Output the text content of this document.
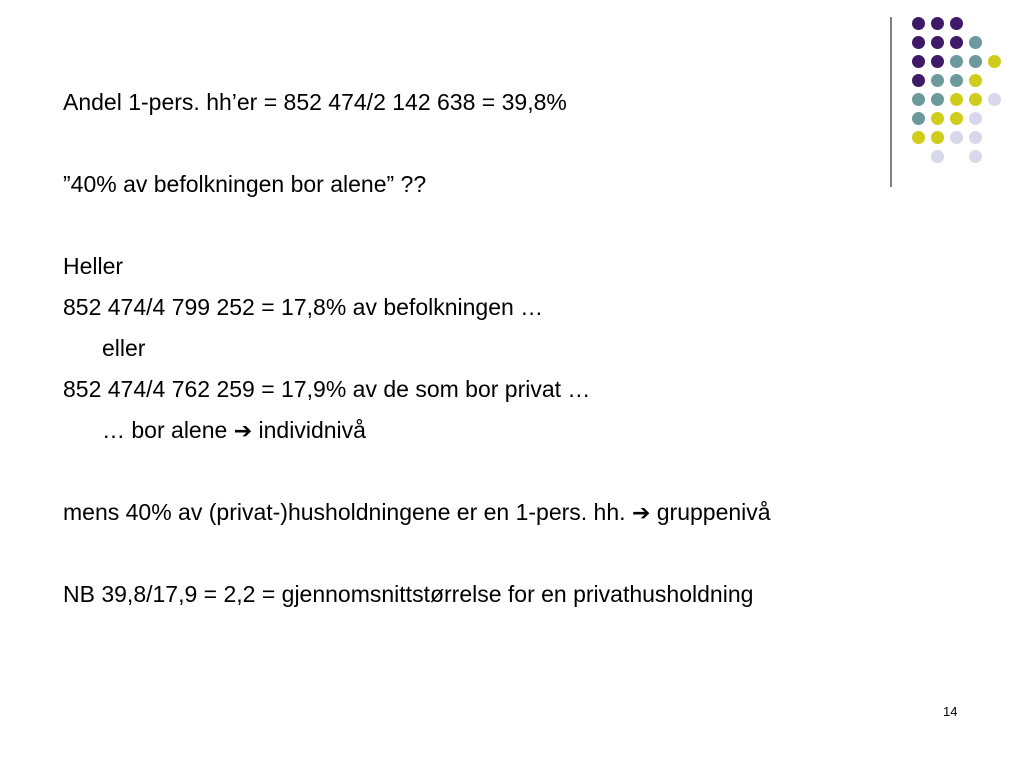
Andel 1-pers. hh’er = 852 474/2 142 638 = 39,8%
”40% av befolkningen bor alene” ??
Heller
852 474/4 799 252 = 17,8% av befolkningen …
eller
852 474/4 762 259 = 17,9% av de som bor privat …
… bor alene ➔ individnivå
mens 40% av (privat-)husholdningene er en 1-pers. hh. ➔ gruppenivå
NB 39,8/17,9 = 2,2 = gjennomsnittstørrelse for en privathusholdning
14
